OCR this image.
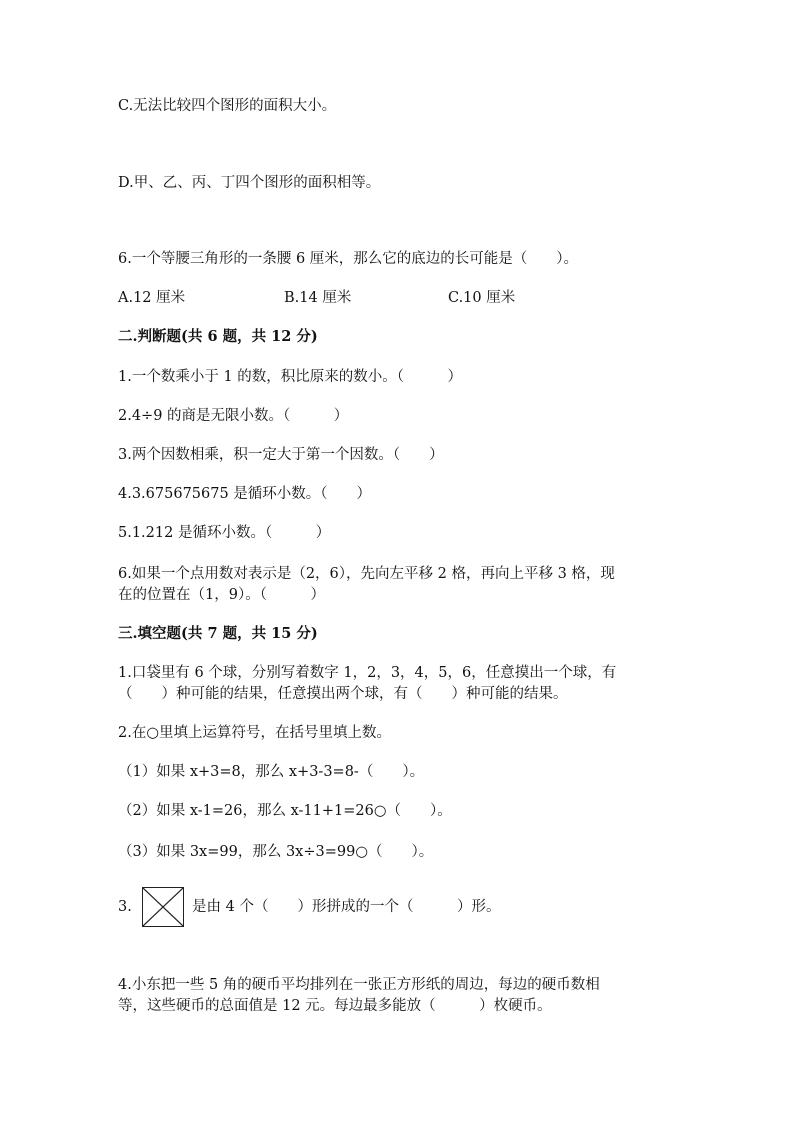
C.无法比较四个图形的面积大小。
D.甲、乙、丙、丁四个图形的面积相等。
6.一个等腰三角形的一条腰 6 厘米，那么它的底边的长可能是（　　）。
A.12 厘米	B.14 厘米	C.10 厘米
二.判断题(共 6 题，共 12 分)
1.一个数乘小于 1 的数，积比原来的数小。（　　　）
2.4÷9 的商是无限小数。（　　　）
3.两个因数相乘，积一定大于第一个因数。（　　）
4.3.675675675 是循环小数。（　　）
5.1.212 是循环小数。（　　　）
6.如果一个点用数对表示是（2，6），先向左平移 2 格，再向上平移 3 格，现
在的位置在（1，9）。（　　　）
三.填空题(共 7 题，共 15 分)
1.口袋里有 6 个球，分别写着数字 1，2，3，4，5，6，任意摸出一个球，有
（　　）种可能的结果，任意摸出两个球，有（　　）种可能的结果。
2.在○里填上运算符号，在括号里填上数。
（1）如果 x+3=8，那么 x+3-3=8-（　　）。
（2）如果 x-1=26，那么 x-11+1=26○（　　）。
（3）如果 3x=99，那么 3x÷3=99○（　　）。
3.	是由 4 个（　　）形拼成的一个（　　　）形。
4.小东把一些 5 角的硬币平均排列在一张正方形纸的周边，每边的硬币数相
等，这些硬币的总面值是 12 元。每边最多能放（　　　）枚硬币。
